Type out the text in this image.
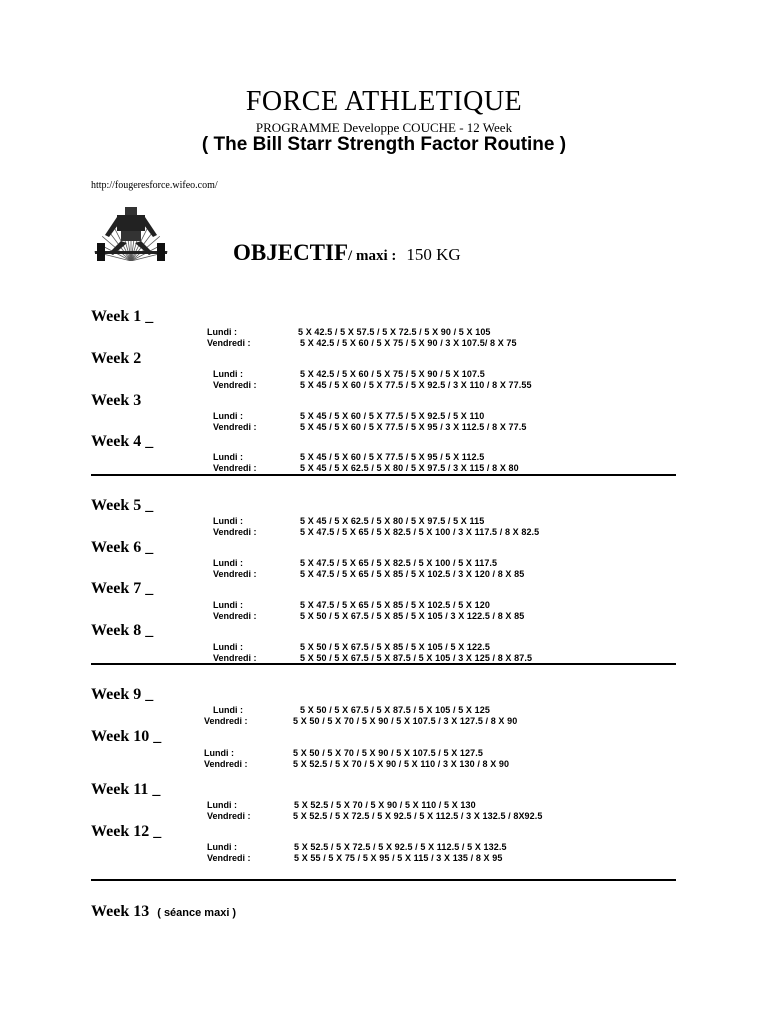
FORCE ATHLETIQUE
PROGRAMME Developpe COUCHE - 12 Week
( The Bill Starr Strength Factor Routine )
http://fougeresforce.wifeo.com/
OBJECTIF/ maxi : 150 KG
Week 1 _
Lundi :	5 X 42.5 / 5 X 57.5 / 5 X 72.5 / 5 X 90 / 5 X 105
Vendredi :	5 X 42.5 / 5 X 60 / 5 X 75 / 5 X 90 / 3 X 107.5/ 8 X 75
Week 2
Lundi :	5 X 42.5 / 5 X 60 / 5 X 75 / 5 X 90 / 5 X 107.5
Vendredi :	5 X 45 / 5 X 60 / 5 X 77.5 / 5 X 92.5 / 3 X 110 / 8 X 77.55
Week 3
Lundi :	5 X 45 / 5 X 60 / 5 X 77.5 / 5 X 92.5 / 5 X 110
Vendredi :	5 X 45 / 5 X 60 / 5 X 77.5 / 5 X 95 / 3 X 112.5 / 8 X 77.5
Week 4 _
Lundi :	5 X 45 / 5 X 60 / 5 X 77.5 / 5 X 95 / 5 X 112.5
Vendredi :	5 X 45 / 5 X 62.5 / 5 X 80 / 5 X 97.5 / 3 X 115 / 8 X 80
Week 5 _
Lundi :	5 X 45 / 5 X 62.5 / 5 X 80 / 5 X 97.5 / 5 X 115
Vendredi :	5 X 47.5 / 5 X 65 / 5 X 82.5 / 5 X 100 / 3 X 117.5 / 8 X 82.5
Week 6 _
Lundi :	5 X 47.5 / 5 X 65 / 5 X 82.5 / 5 X 100 / 5 X 117.5
Vendredi :	5 X 47.5 / 5 X 65 / 5 X 85 / 5 X 102.5 / 3 X 120 / 8 X 85
Week 7 _
Lundi :	5 X 47.5 / 5 X 65 / 5 X 85 / 5 X 102.5 / 5 X 120
Vendredi :	5 X 50 / 5 X 67.5 / 5 X 85 / 5 X 105 / 3 X 122.5 / 8 X 85
Week 8 _
Lundi :	5 X 50 / 5 X 67.5 / 5 X 85 / 5 X 105 / 5 X 122.5
Vendredi :	5 X 50 / 5 X 67.5 / 5 X 87.5 / 5 X 105 / 3 X 125 / 8 X 87.5
Week 9 _
Lundi :	5 X 50 / 5 X 67.5 / 5 X 87.5 / 5 X 105 / 5 X 125
Vendredi :	5 X 50 / 5 X 70 / 5 X 90 / 5 X 107.5 / 3 X 127.5 / 8 X 90
Week 10 _
Lundi :	5 X 50 / 5 X 70 / 5 X 90 / 5 X 107.5 / 5 X 127.5
Vendredi :	5 X 52.5 / 5 X 70 / 5 X 90 / 5 X 110 / 3 X 130 / 8 X 90
Week 11 _
Lundi :	5 X 52.5 / 5 X 70 / 5 X 90 / 5 X 110 / 5 X 130
Vendredi :	5 X 52.5 / 5 X 72.5 / 5 X 92.5 / 5 X 112.5 / 3 X 132.5 / 8X92.5
Week 12 _
Lundi :	5 X 52.5 / 5 X 72.5 / 5 X 92.5 / 5 X 112.5 / 5 X 132.5
Vendredi :	5 X 55 / 5 X 75 / 5 X 95 / 5 X 115 / 3 X 135 / 8 X 95
Week 13 ( séance maxi )
